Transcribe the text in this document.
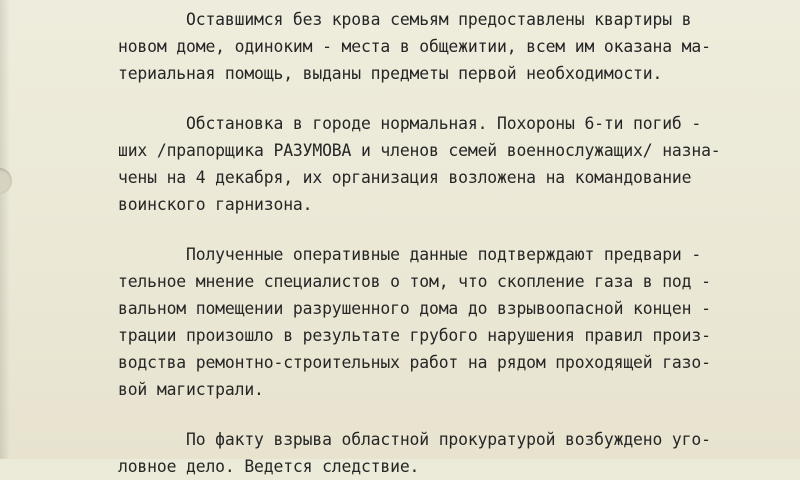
Оставшимся без крова семьям предоставлены квартиры в
новом доме, одиноким - места в общежитии, всем им оказана ма-
териальная помощь, выданы предметы первой необходимости.
Обстановка в городе нормальная. Похороны 6-ти погиб -
ших /прапорщика РАЗУМОВА и членов семей военнослужащих/ назна-
чены на 4 декабря, их организация возложена на командование
воинского гарнизона.
Полученные оперативные данные подтверждают предвари -
тельное мнение специалистов о том, что скопление газа в под -
вальном помещении разрушенного дома до взрывоопасной концен -
трации произошло в результате грубого нарушения правил произ-
водства ремонтно-строительных работ на рядом проходящей газо-
вой магистрали.
По факту взрыва областной прокуратурой возбуждено уго-
ловное дело. Ведется следствие.
